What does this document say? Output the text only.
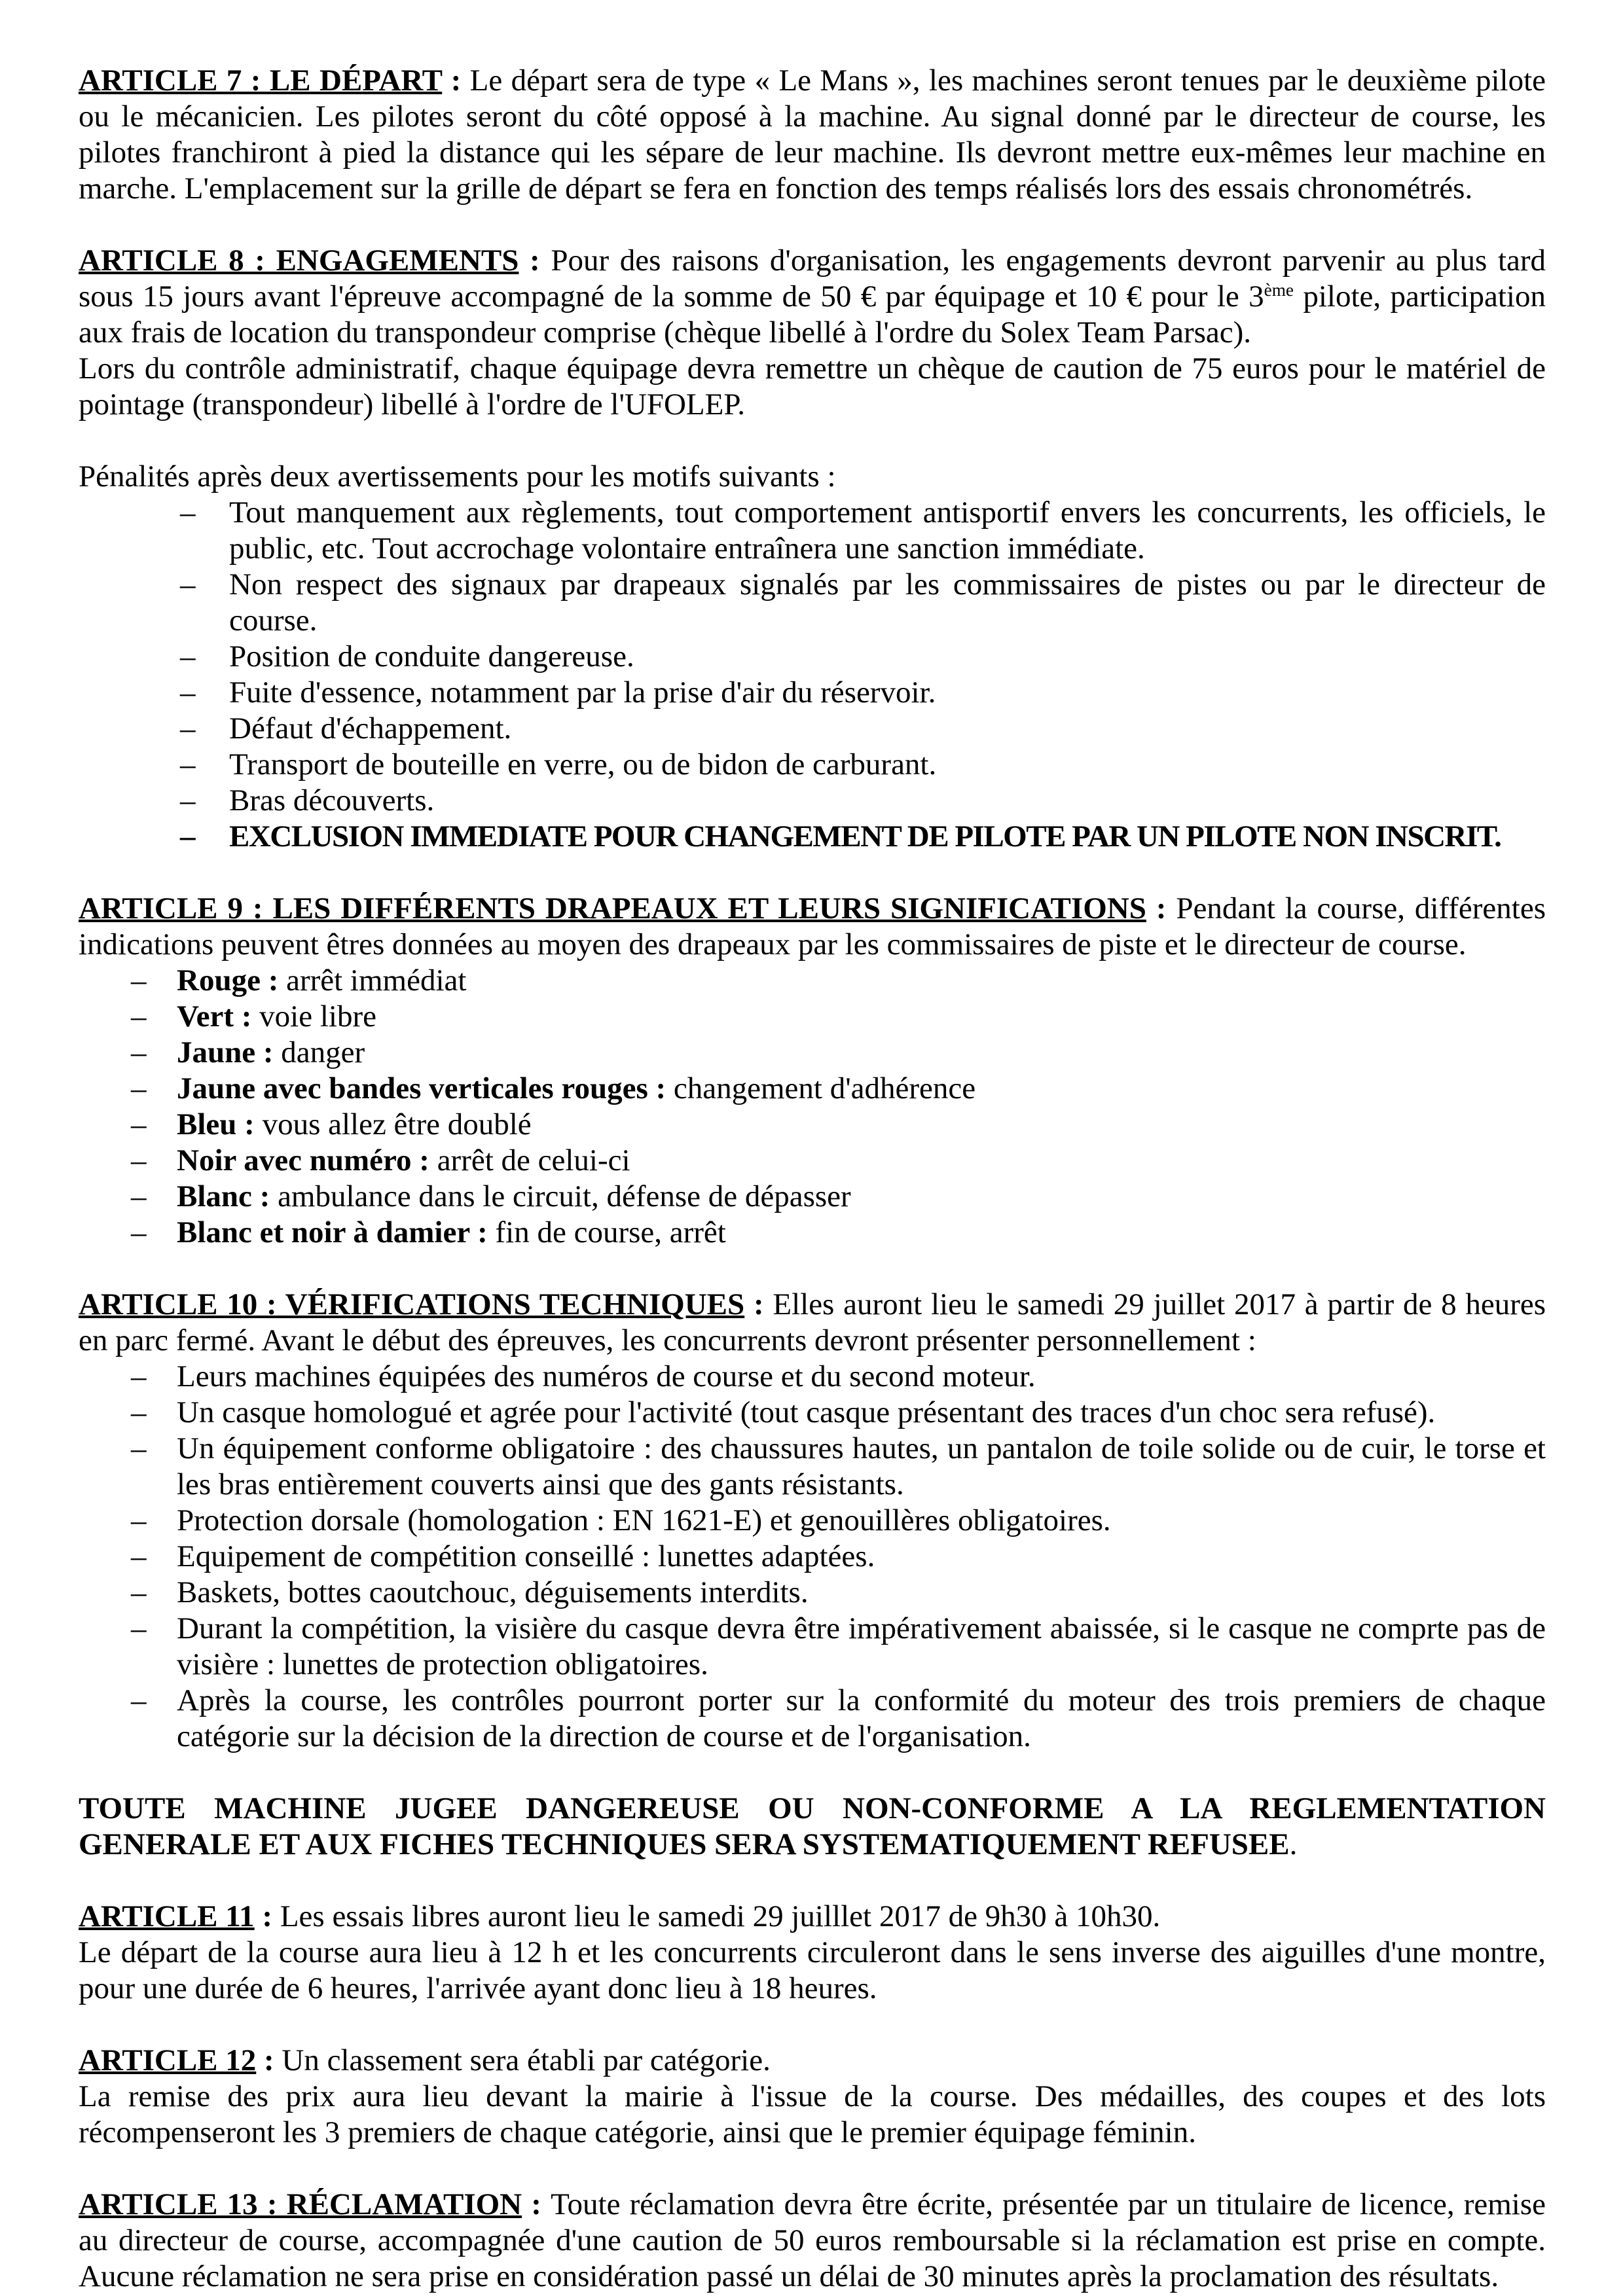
ARTICLE 7 : LE DÉPART : Le départ sera de type « Le Mans », les machines seront tenues par le deuxième pilote ou le mécanicien. Les pilotes seront du côté opposé à la machine. Au signal donné par le directeur de course, les pilotes franchiront à pied la distance qui les sépare de leur machine. Ils devront mettre eux-mêmes leur machine en marche. L'emplacement sur la grille de départ se fera en fonction des temps réalisés lors des essais chronométrés.

ARTICLE 8 : ENGAGEMENTS : Pour des raisons d'organisation, les engagements devront parvenir au plus tard sous 15 jours avant l'épreuve accompagné de la somme de 50 € par équipage et 10 € pour le 3ème pilote, participation aux frais de location du transpondeur comprise (chèque libellé à l'ordre du Solex Team Parsac).

Lors du contrôle administratif, chaque équipage devra remettre un chèque de caution de 75 euros pour le matériel de pointage (transpondeur) libellé à l'ordre de l'UFOLEP.

Pénalités après deux avertissements pour les motifs suivants :

– Tout manquement aux règlements, tout comportement antisportif envers les concurrents, les officiels, le public, etc. Tout accrochage volontaire entraînera une sanction immédiate.
– Non respect des signaux par drapeaux signalés par les commissaires de pistes ou par le directeur de course.
– Position de conduite dangereuse.
– Fuite d'essence, notamment par la prise d'air du réservoir.
– Défaut d'échappement.
– Transport de bouteille en verre, ou de bidon de carburant.
– Bras découverts.
– EXCLUSION IMMEDIATE POUR CHANGEMENT DE PILOTE PAR UN PILOTE NON INSCRIT.

ARTICLE 9 : LES DIFFÉRENTS DRAPEAUX ET LEURS SIGNIFICATIONS : Pendant la course, différentes indications peuvent êtres données au moyen des drapeaux par les commissaires de piste et le directeur de course.

– Rouge : arrêt immédiat
– Vert : voie libre
– Jaune : danger
– Jaune avec bandes verticales rouges : changement d'adhérence
– Bleu : vous allez être doublé
– Noir avec numéro : arrêt de celui-ci
– Blanc : ambulance dans le circuit, défense de dépasser
– Blanc et noir à damier : fin de course, arrêt

ARTICLE 10 : VÉRIFICATIONS TECHNIQUES : Elles auront lieu le samedi 29 juillet 2017 à partir de 8 heures en parc fermé. Avant le début des épreuves, les concurrents devront présenter personnellement :

– Leurs machines équipées des numéros de course et du second moteur.
– Un casque homologué et agrée pour l'activité (tout casque présentant des traces d'un choc sera refusé).
– Un équipement conforme obligatoire : des chaussures hautes, un pantalon de toile solide ou de cuir, le torse et les bras entièrement couverts ainsi que des gants résistants.
– Protection dorsale (homologation : EN 1621-E) et genouillères obligatoires.
– Equipement de compétition conseillé : lunettes adaptées.
– Baskets, bottes caoutchouc, déguisements interdits.
– Durant la compétition, la visière du casque devra être impérativement abaissée, si le casque ne comprte pas de visière : lunettes de protection obligatoires.
– Après la course, les contrôles pourront porter sur la conformité du moteur des trois premiers de chaque catégorie sur la décision de la direction de course et de l'organisation.

TOUTE MACHINE JUGEE DANGEREUSE OU NON-CONFORME A LA REGLEMENTATION GENERALE ET AUX FICHES TECHNIQUES SERA SYSTEMATIQUEMENT REFUSEE.

ARTICLE 11 : Les essais libres auront lieu le samedi 29 juilllet 2017 de 9h30 à 10h30.

Le départ de la course aura lieu à 12 h et les concurrents circuleront dans le sens inverse des aiguilles d'une montre, pour une durée de 6 heures, l'arrivée ayant donc lieu à 18 heures.

ARTICLE 12 : Un classement sera établi par catégorie.

La remise des prix aura lieu devant la mairie à l'issue de la course. Des médailles, des coupes et des lots récompenseront les 3 premiers de chaque catégorie, ainsi que le premier équipage féminin.

ARTICLE 13 : RÉCLAMATION : Toute réclamation devra être écrite, présentée par un titulaire de licence, remise au directeur de course, accompagnée d'une caution de 50 euros remboursable si la réclamation est prise en compte. Aucune réclamation ne sera prise en considération passé un délai de 30 minutes après la proclamation des résultats.
